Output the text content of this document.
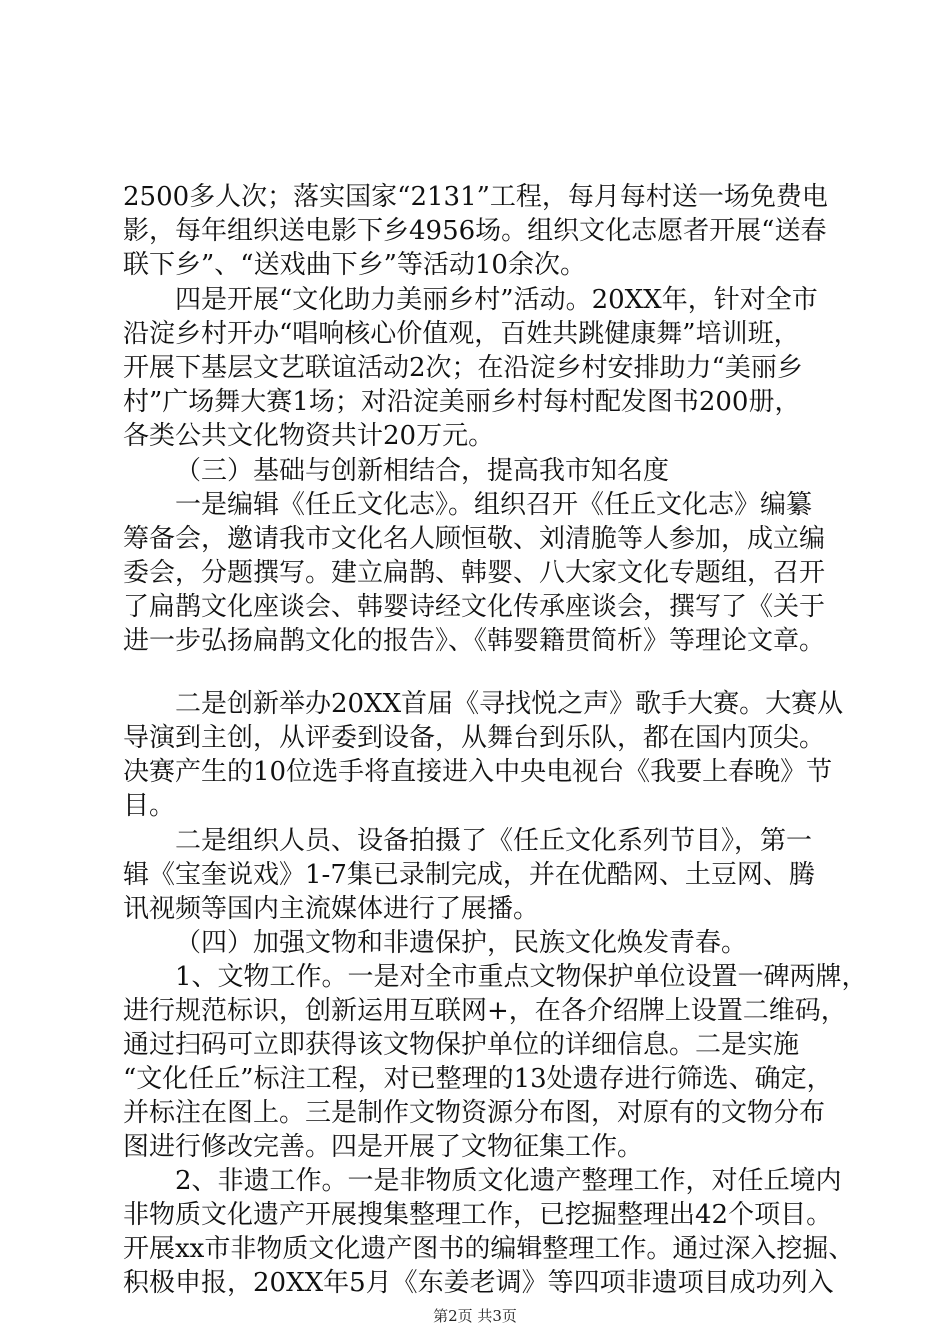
2500多人次；落实国家“2131”工程，每月每村送一场免费电
影，每年组织送电影下乡4956场。组织文化志愿者开展“送春
联下乡”、“送戏曲下乡”等活动10余次。
四是开展“文化助力美丽乡村”活动。20XX年，针对全市
沿淀乡村开办“唱响核心价值观，百姓共跳健康舞”培训班，
开展下基层文艺联谊活动2次；在沿淀乡村安排助力“美丽乡
村”广场舞大赛1场；对沿淀美丽乡村每村配发图书200册，
各类公共文化物资共计20万元。
（三）基础与创新相结合，提高我市知名度
一是编辑《任丘文化志》。组织召开《任丘文化志》编纂
筹备会，邀请我市文化名人顾恒敬、刘清脆等人参加，成立编
委会，分题撰写。建立扁鹊、韩婴、八大家文化专题组，召开
了扁鹊文化座谈会、韩婴诗经文化传承座谈会，撰写了《关于
进一步弘扬扁鹊文化的报告》、《韩婴籍贯简析》等理论文章。
二是创新举办20XX首届《寻找悦之声》歌手大赛。大赛从
导演到主创，从评委到设备，从舞台到乐队，都在国内顶尖。
决赛产生的10位选手将直接进入中央电视台《我要上春晚》节
目。
二是组织人员、设备拍摄了《任丘文化系列节目》，第一
辑《宝奎说戏》1-7集已录制完成，并在优酷网、土豆网、腾
讯视频等国内主流媒体进行了展播。
（四）加强文物和非遗保护，民族文化焕发青春。
1、文物工作。一是对全市重点文物保护单位设置一碑两牌，
进行规范标识，创新运用互联网+，在各介绍牌上设置二维码，
通过扫码可立即获得该文物保护单位的详细信息。二是实施
“文化任丘”标注工程，对已整理的13处遗存进行筛选、确定，
并标注在图上。三是制作文物资源分布图，对原有的文物分布
图进行修改完善。四是开展了文物征集工作。
2、非遗工作。一是非物质文化遗产整理工作，对任丘境内
非物质文化遗产开展搜集整理工作，已挖掘整理出42个项目。
开展xx市非物质文化遗产图书的编辑整理工作。通过深入挖掘、
积极申报，20XX年5月《东姜老调》等四项非遗项目成功列入
第2页 共3页
